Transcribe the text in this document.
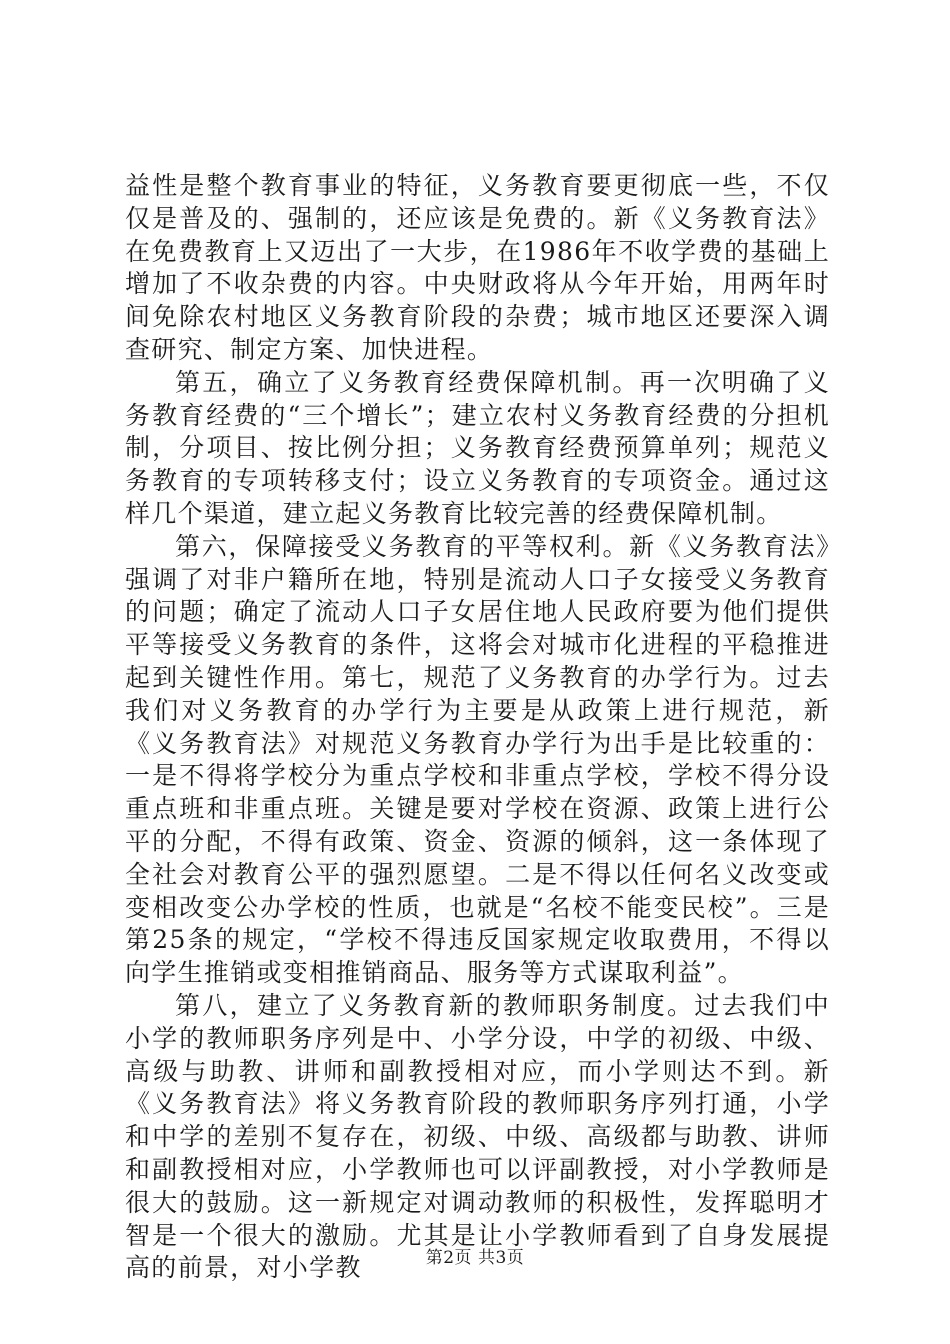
益性是整个教育事业的特征，义务教育要更彻底一些，不仅仅是普及的、强制的，还应该是免费的。新《义务教育法》在免费教育上又迈出了一大步，在1986年不收学费的基础上增加了不收杂费的内容。中央财政将从今年开始，用两年时间免除农村地区义务教育阶段的杂费；城市地区还要深入调查研究、制定方案、加快进程。

第五，确立了义务教育经费保障机制。再一次明确了义务教育经费的“三个增长”；建立农村义务教育经费的分担机制，分项目、按比例分担；义务教育经费预算单列；规范义务教育的专项转移支付；设立义务教育的专项资金。通过这样几个渠道，建立起义务教育比较完善的经费保障机制。

第六，保障接受义务教育的平等权利。新《义务教育法》强调了对非户籍所在地，特别是流动人口子女接受义务教育的问题；确定了流动人口子女居住地人民政府要为他们提供平等接受义务教育的条件，这将会对城市化进程的平稳推进起到关键性作用。第七，规范了义务教育的办学行为。过去我们对义务教育的办学行为主要是从政策上进行规范，新《义务教育法》对规范义务教育办学行为出手是比较重的：一是不得将学校分为重点学校和非重点学校，学校不得分设重点班和非重点班。关键是要对学校在资源、政策上进行公平的分配，不得有政策、资金、资源的倾斜，这一条体现了全社会对教育公平的强烈愿望。二是不得以任何名义改变或变相改变公办学校的性质，也就是“名校不能变民校”。三是第25条的规定，“学校不得违反国家规定收取费用，不得以向学生推销或变相推销商品、服务等方式谋取利益”。

第八，建立了义务教育新的教师职务制度。过去我们中小学的教师职务序列是中、小学分设，中学的初级、中级、高级与助教、讲师和副教授相对应，而小学则达不到。新《义务教育法》将义务教育阶段的教师职务序列打通，小学和中学的差别不复存在，初级、中级、高级都与助教、讲师和副教授相对应，小学教师也可以评副教授，对小学教师是很大的鼓励。这一新规定对调动教师的积极性，发挥聪明才智是一个很大的激励。尤其是让小学教师看到了自身发展提高的前景，对小学教	第2页 共3页
